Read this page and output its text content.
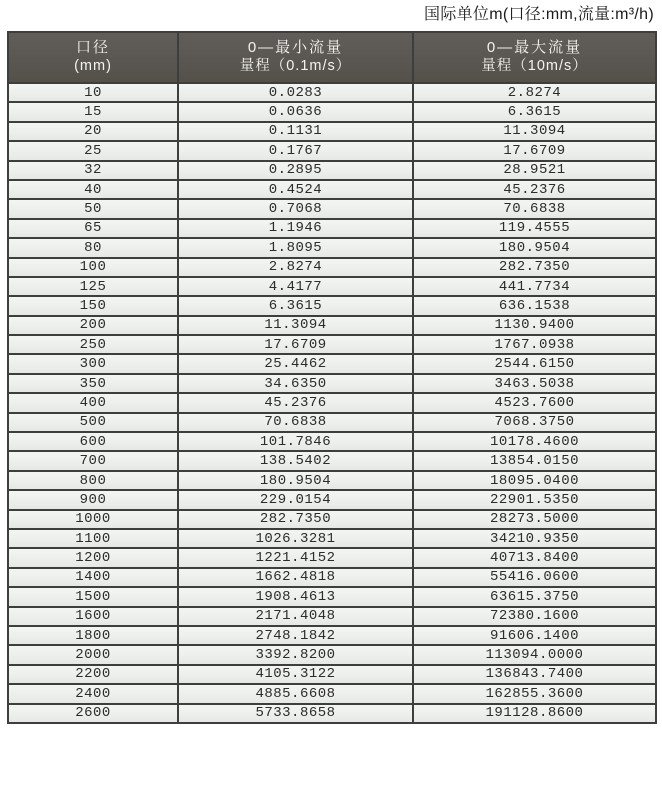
国际单位m(口径:mm,流量:m³/h)
口径
(mm)

0—最小流量
量程（0.1m/s）

0—最大流量
量程（10m/s）

10	0.0283	2.8274
15	0.0636	6.3615
20	0.1131	11.3094
25	0.1767	17.6709
32	0.2895	28.9521
40	0.4524	45.2376
50	0.7068	70.6838
65	1.1946	119.4555
80	1.8095	180.9504
100	2.8274	282.7350
125	4.4177	441.7734
150	6.3615	636.1538
200	11.3094	1130.9400
250	17.6709	1767.0938
300	25.4462	2544.6150
350	34.6350	3463.5038
400	45.2376	4523.7600
500	70.6838	7068.3750
600	101.7846	10178.4600
700	138.5402	13854.0150
800	180.9504	18095.0400
900	229.0154	22901.5350
1000	282.7350	28273.5000
1100	1026.3281	34210.9350
1200	1221.4152	40713.8400
1400	1662.4818	55416.0600
1500	1908.4613	63615.3750
1600	2171.4048	72380.1600
1800	2748.1842	91606.1400
2000	3392.8200	113094.0000
2200	4105.3122	136843.7400
2400	4885.6608	162855.3600
2600	5733.8658	191128.8600
